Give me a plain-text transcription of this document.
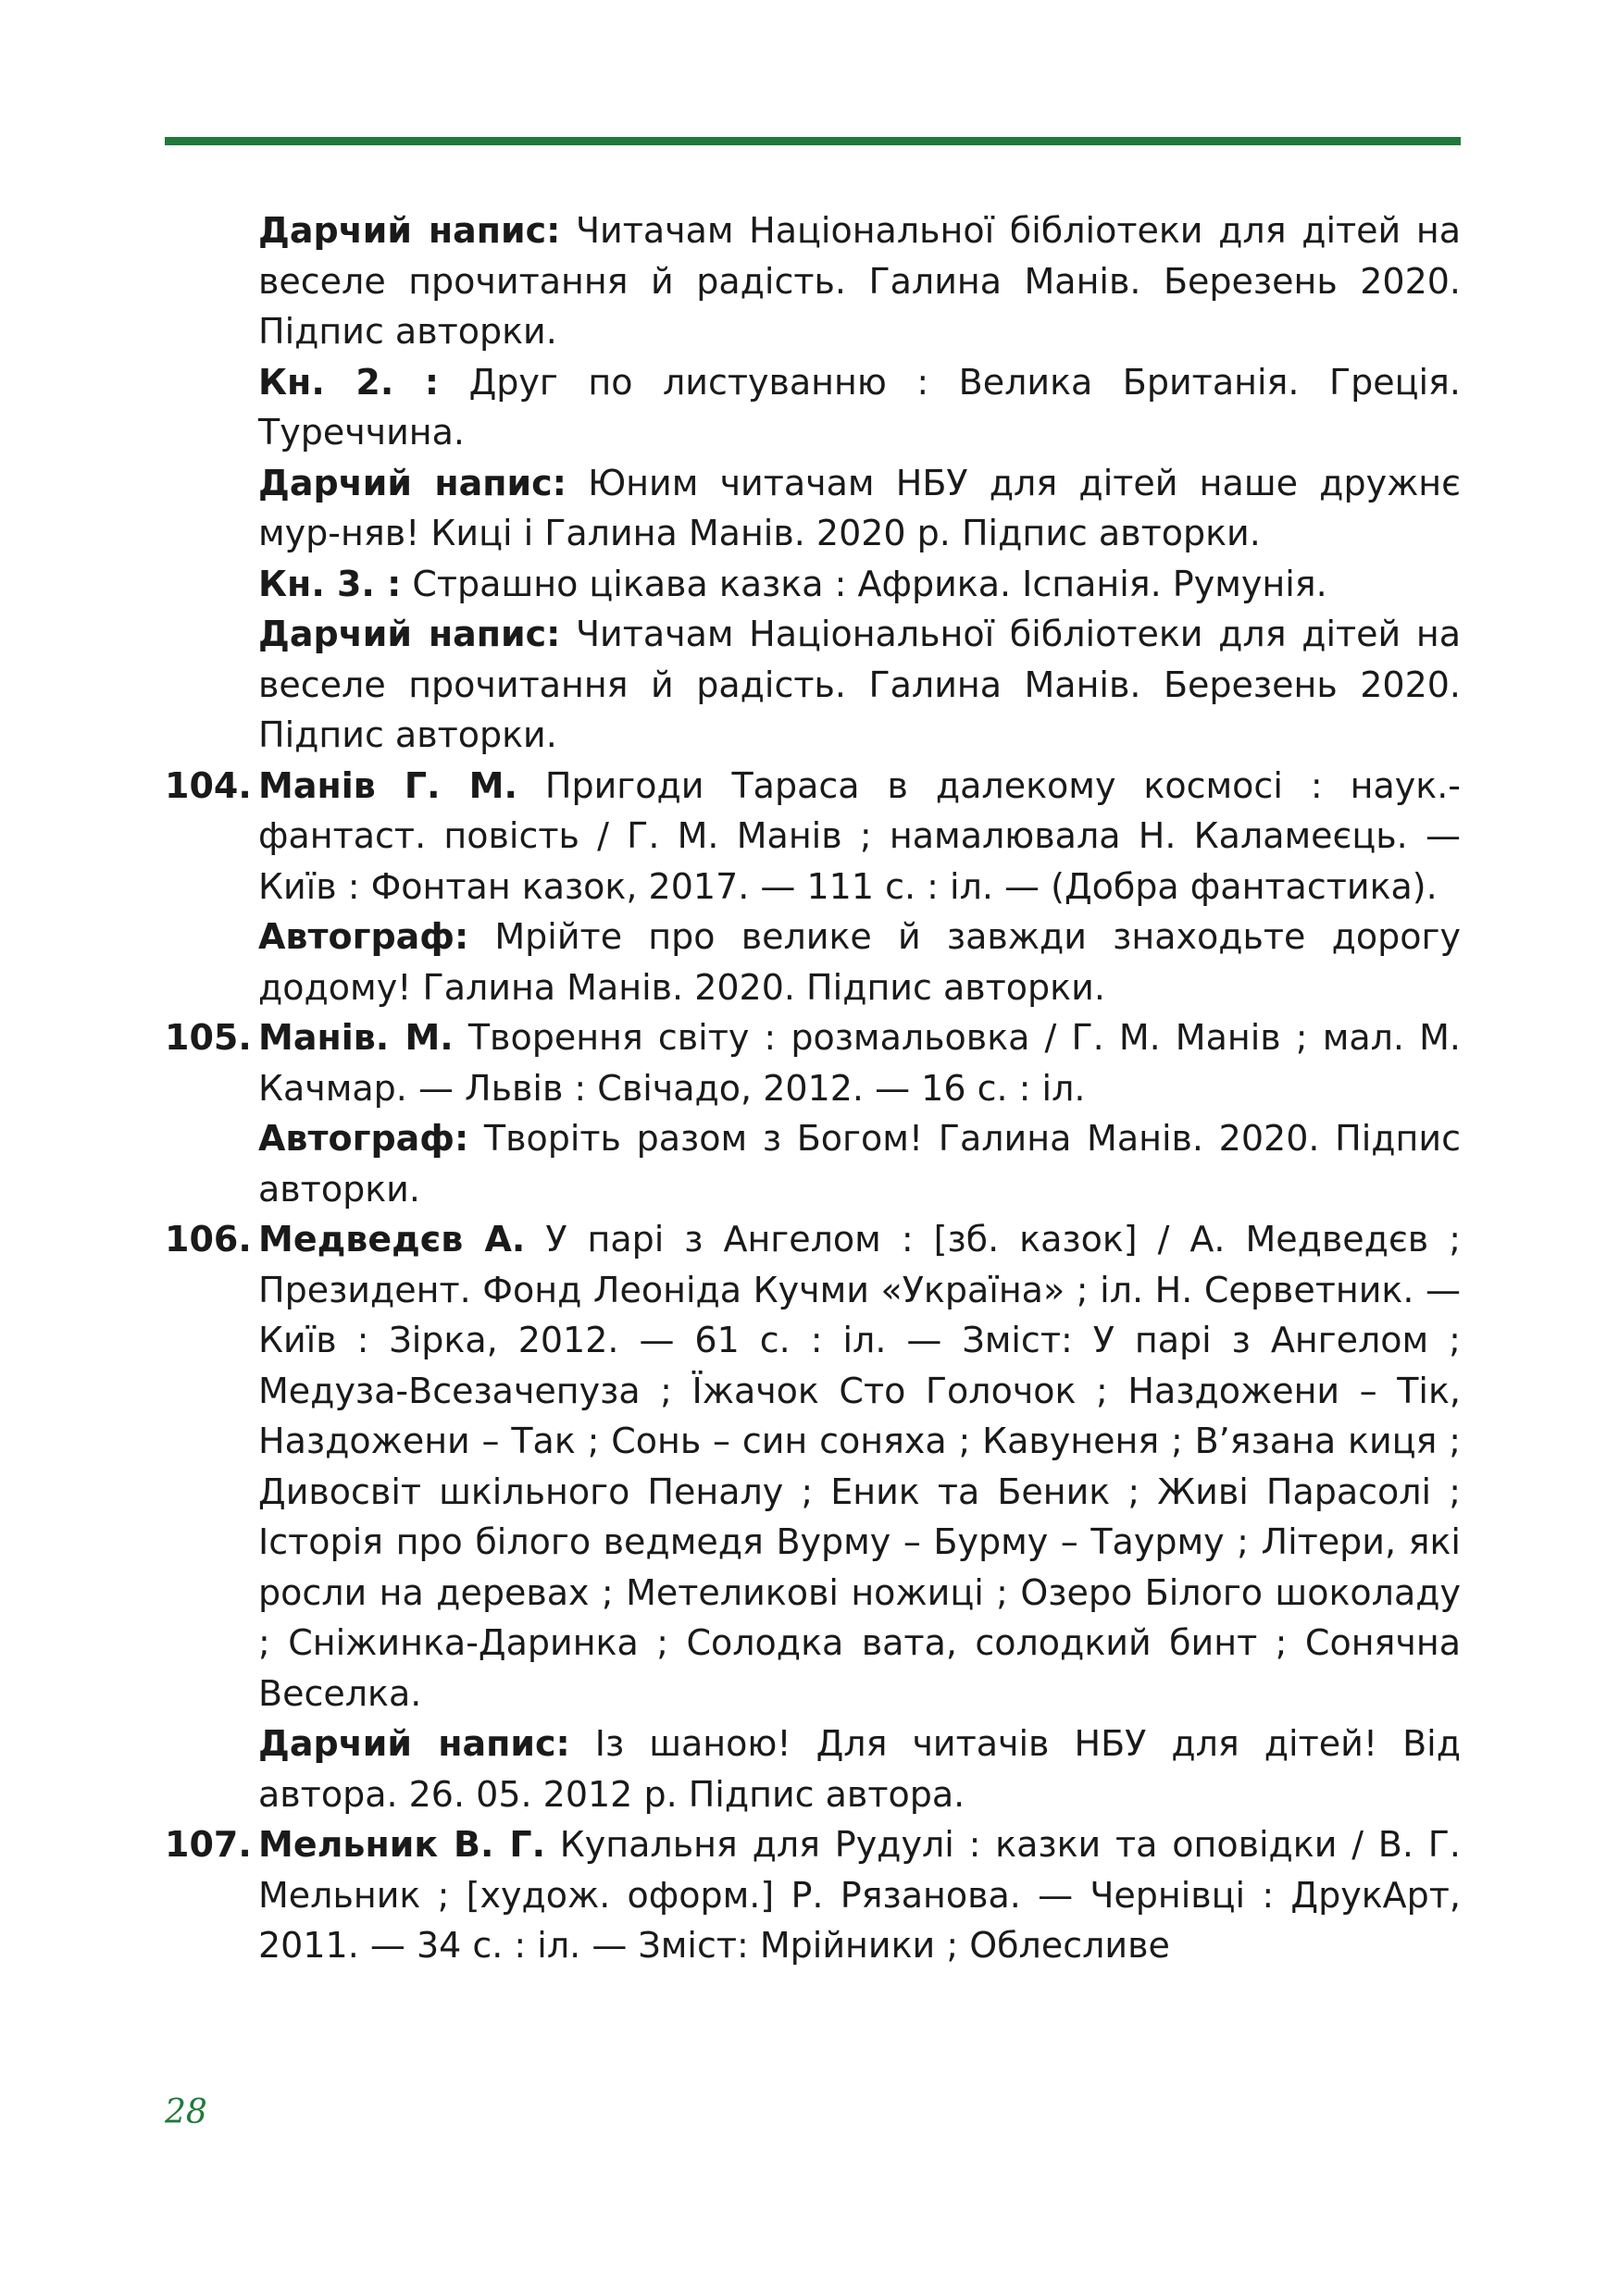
Дарчий напис: Читачам Національної бібліотеки для дітей на веселе прочитання й радість. Галина Манів. Березень 2020. Підпис авторки.

Кн. 2. : Друг по листуванню : Велика Британія. Греція. Туреччина.

Дарчий напис: Юним читачам НБУ для дітей наше дружнє мур-няв! Киці і Галина Манів. 2020 р. Підпис авторки.

Кн. 3. : Страшно цікава казка : Африка. Іспанія. Румунія.

Дарчий напис: Читачам Національної бібліотеки для дітей на веселе прочитання й радість. Галина Манів. Березень 2020. Підпис авторки.

104. Манів Г. М. Пригоди Тараса в далекому космосі : наук.-фантаст. повість / Г. М. Манів ; намалювала Н. Каламеєць. — Київ : Фонтан казок, 2017. — 111 с. : іл. — (Добра фантастика).

Автограф: Мрійте про велике й завжди знаходьте дорогу додому! Галина Манів. 2020. Підпис авторки.

105. Манів. М. Творення світу : розмальовка / Г. М. Манів ; мал. М. Качмар. — Львів : Свічадо, 2012. — 16 с. : іл.

Автограф: Творіть разом з Богом! Галина Манів. 2020. Підпис авторки.

106. Медведєв А. У парі з Ангелом : [зб. казок] / А. Медведєв ; Президент. Фонд Леоніда Кучми «Україна» ; іл. Н. Серветник. — Київ : Зірка, 2012. — 61 с. : іл. — Зміст: У парі з Ангелом ; Медуза-Всезачепуза ; Їжачок Сто Голочок ; Наздожени – Тік, Наздожени – Так ; Сонь – син соняха ; Кавуненя ; В’язана киця ; Дивосвіт шкільного Пеналу ; Еник та Беник ; Живі Парасолі ; Історія про білого ведмедя Вурму – Бурму – Таурму ; Літери, які росли на деревах ; Метеликові ножиці ; Озеро Білого шоколаду ; Сніжинка-Даринка ; Солодка вата, солодкий бинт ; Сонячна Веселка.

Дарчий напис: Із шаною! Для читачів НБУ для дітей! Від автора. 26. 05. 2012 р. Підпис автора.

107. Мельник В. Г. Купальня для Рудулі : казки та оповідки / В. Г. Мельник ; [худож. оформ.] Р. Рязанова. — Чернівці : ДрукАрт, 2011. — 34 с. : іл. — Зміст: Мрійники ; Облесливе

28
